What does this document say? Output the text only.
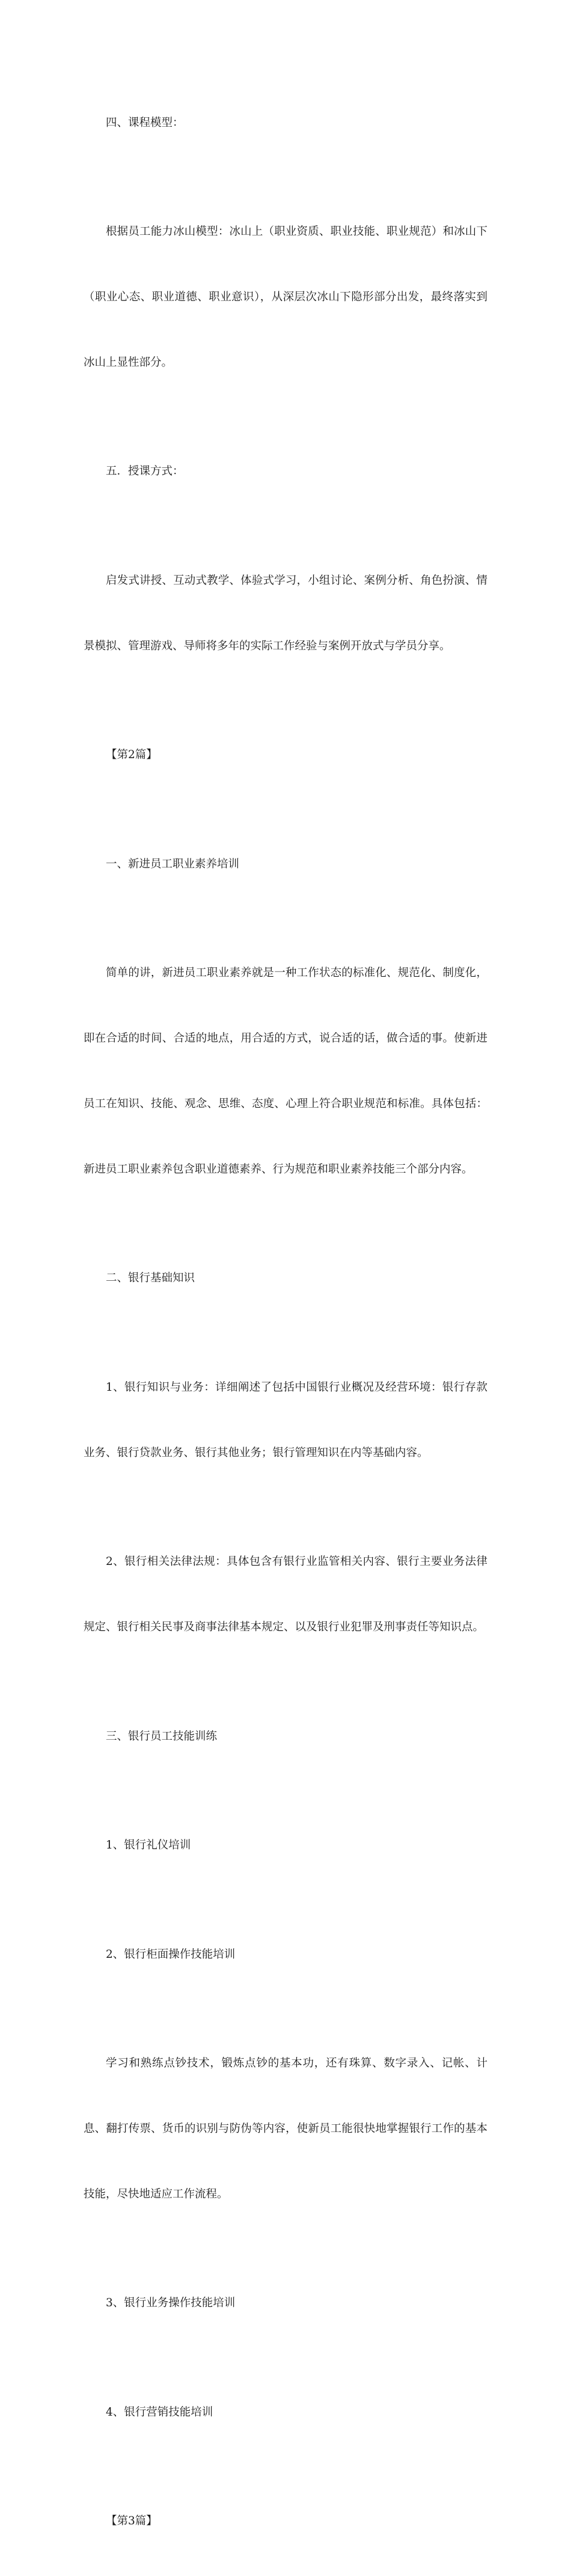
四、课程模型：

根据员工能力冰山模型：冰山上（职业资质、职业技能、职业规范）和冰山下

（职业心态、职业道德、职业意识），从深层次冰山下隐形部分出发，最终落实到

冰山上显性部分。

五．授课方式：

启发式讲授、互动式教学、体验式学习，小组讨论、案例分析、角色扮演、情

景模拟、管理游戏、导师将多年的实际工作经验与案例开放式与学员分享。

【第2篇】

一、新进员工职业素养培训

简单的讲，新进员工职业素养就是一种工作状态的标准化、规范化、制度化，

即在合适的时间、合适的地点，用合适的方式，说合适的话，做合适的事。使新进

员工在知识、技能、观念、思维、态度、心理上符合职业规范和标准。具体包括：

新进员工职业素养包含职业道德素养、行为规范和职业素养技能三个部分内容。

二、银行基础知识

1、银行知识与业务：详细阐述了包括中国银行业概况及经营环境：银行存款

业务、银行贷款业务、银行其他业务；银行管理知识在内等基础内容。

2、银行相关法律法规：具体包含有银行业监管相关内容、银行主要业务法律

规定、银行相关民事及商事法律基本规定、以及银行业犯罪及刑事责任等知识点。

三、银行员工技能训练

1、银行礼仪培训

2、银行柜面操作技能培训

学习和熟练点钞技术，锻炼点钞的基本功，还有珠算、数字录入、记帐、计

息、翻打传票、货币的识别与防伪等内容，使新员工能很快地掌握银行工作的基本

技能，尽快地适应工作流程。

3、银行业务操作技能培训

4、银行营销技能培训

【第3篇】
